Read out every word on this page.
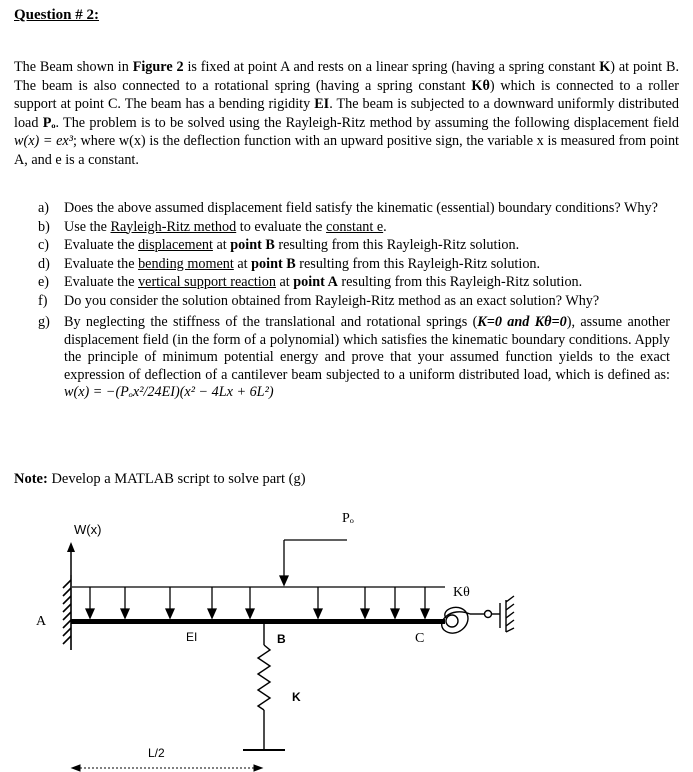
Question # 2:
The Beam shown in Figure 2 is fixed at point A and rests on a linear spring (having a spring constant K) at point B. The beam is also connected to a rotational spring (having a spring constant Kθ) which is connected to a roller support at point C. The beam has a bending rigidity EI. The beam is subjected to a downward uniformly distributed load Pₒ. The problem is to be solved using the Rayleigh-Ritz method by assuming the following displacement field w(x) = ex³; where w(x) is the deflection function with an upward positive sign, the variable x is measured from point A, and e is a constant.
a) Does the above assumed displacement field satisfy the kinematic (essential) boundary conditions? Why?
b) Use the Rayleigh-Ritz method to evaluate the constant e.
c) Evaluate the displacement at point B resulting from this Rayleigh-Ritz solution.
d) Evaluate the bending moment at point B resulting from this Rayleigh-Ritz solution.
e) Evaluate the vertical support reaction at point A resulting from this Rayleigh-Ritz solution.
f) Do you consider the solution obtained from Rayleigh-Ritz method as an exact solution? Why?
g) By neglecting the stiffness of the translational and rotational springs (K=0 and Kθ=0), assume another displacement field (in the form of a polynomial) which satisfies the kinematic boundary conditions. Apply the principle of minimum potential energy and prove that your assumed function yields to the exact expression of deflection of a cantilever beam subjected to a uniform distributed load, which is defined as: w(x) = −(Pₒx²/24EI)(x² − 4Lx + 6L²)
Note: Develop a MATLAB script to solve part (g)
W(x)
Pₒ
A
EI	B
K
C
Kθ
L/2
